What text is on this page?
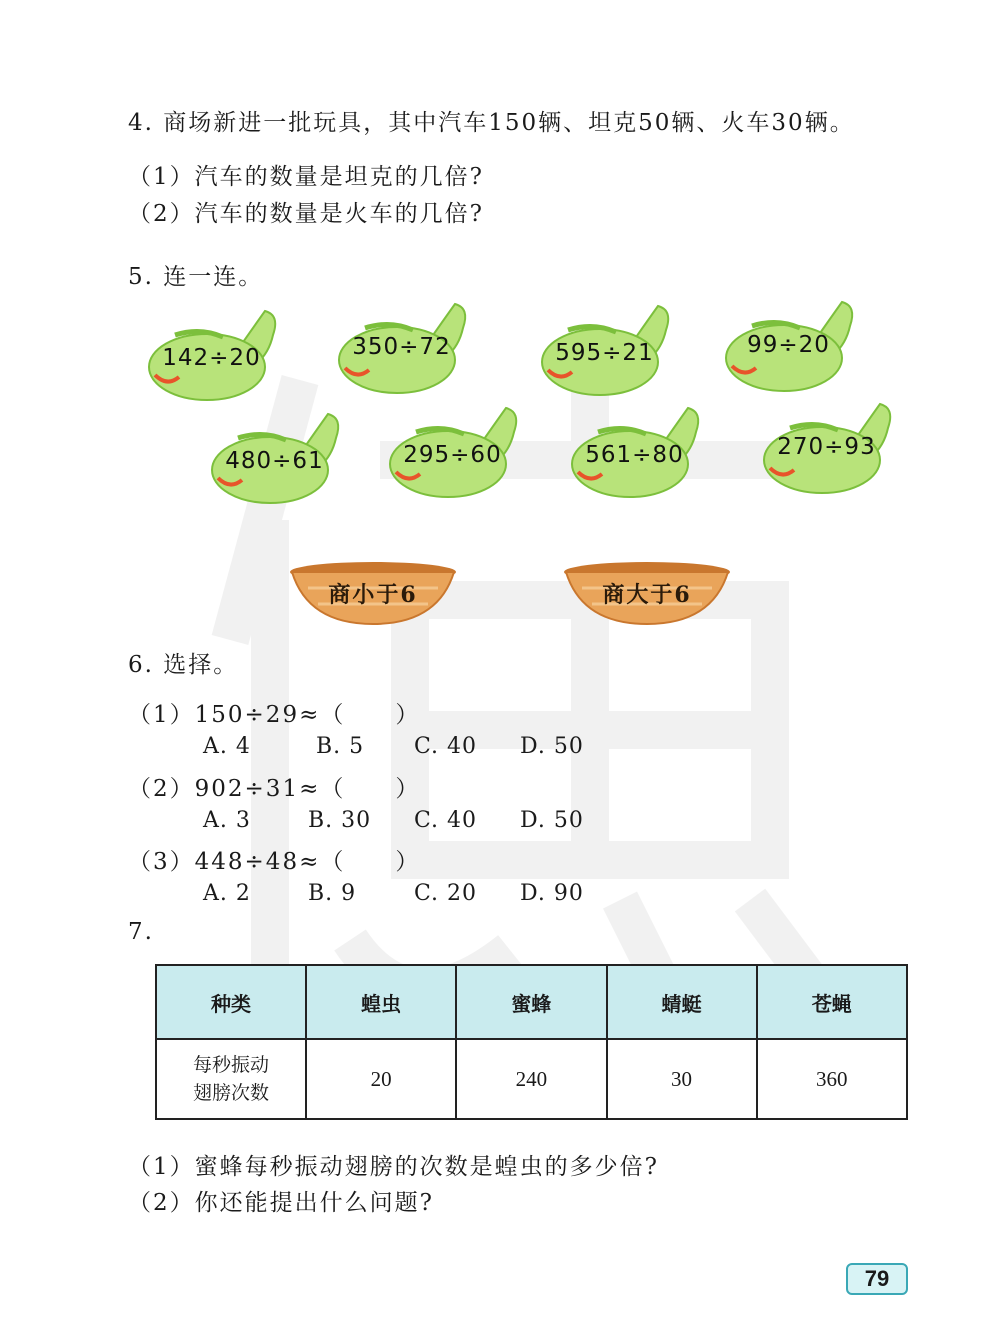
4. 商场新进一批玩具，其中汽车150辆、坦克50辆、火车30辆。
（1）汽车的数量是坦克的几倍?
（2）汽车的数量是火车的几倍?
5. 连一连。
142÷20	350÷72	595÷21	99÷20
480÷61	295÷60	561÷80	270÷93
商小于6	商大于6
6. 选择。
（1）150÷29≈（　　）
A. 4	B. 5 C. 40 D. 50
（2）902÷31≈（　　）
A. 3	B. 30 C. 40 D. 50
（3）448÷48≈（　　）
A. 2	B. 9	C. 20 D. 90
7.
种类	蝗虫	蜜蜂	蜻蜓	苍蝇

每秒振动
翅膀次数	20	240	30	360
（1）蜜蜂每秒振动翅膀的次数是蝗虫的多少倍?
（2）你还能提出什么问题?
79
